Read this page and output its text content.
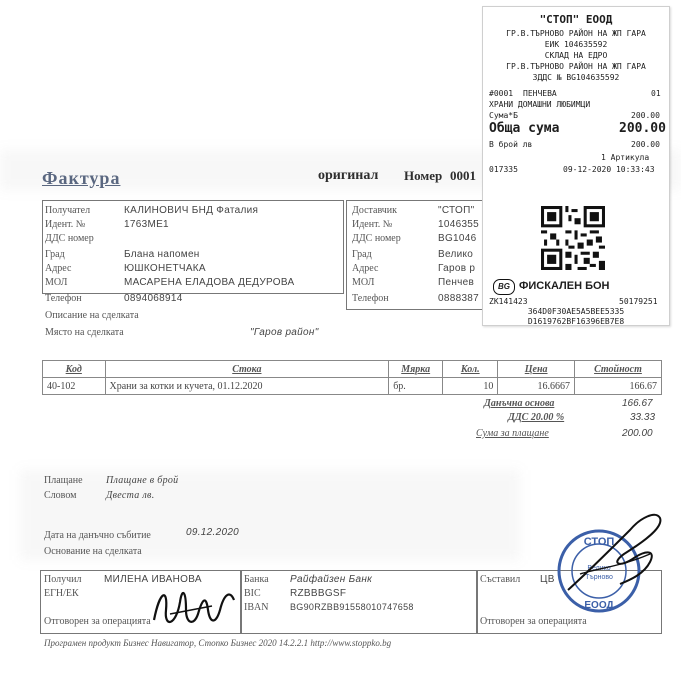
Фактура	оригинал Номер 0001
Получател	КАЛИНОВИЧ БНД Фаталия
Идент. №	1763МЕ1
ДДС номер
Град	Блана напомен
Адрес	ЮШКОНЕТЧАКА
МОЛ	МАСАРЕНА ЕЛАДОВА ДЕДУРОВА
Телефон	0894068914
Описание на сделката
Място на сделката	"Гаров район"
Доставчик	"СТОП"
Идент. №	1046355
ДДС номер	BG1046
Град	Велико
Адрес	Гаров р
МОЛ	Пенчев
Телефон	0888387
Код	Стока	Мярка	Кол.	Цена	Стойност
40-102	Храни за котки и кучета, 01.12.2020	бр.	10	16.6667	166.67
Данъчна основа	166.67
ДДС 20.00 %	33.33
Сума за плащане	200.00
Плащане Плащане в брой
Словом	Двеста лв.
Дата на данъчно събитие	09.12.2020
Основание на сделката
Получил МИЛЕНА ИВАНОВА
ЕГН/ЕК
Отговорен за операцията
Банка Райфайзен Банк
BIC	RZBBBGSF
IBAN BG90RZBB91558010747658
Съставил ЦВ
Отговорен за операцията
Програмен продукт Бизнес Навигатор, Стопко Бизнес 2020 14.2.2.1 http://www.stoppko.bg
СТОП
ЕООД
Велико
Търново
"СТОП" ЕООД
ГР.В.ТЪРНОВО РАЙОН НА ЖП ГАРА
ЕИК 104635592
СКЛАД НА ЕДРО
ГР.В.ТЪРНОВО РАЙОН НА ЖП ГАРА
ЗДДС № BG104635592
#0001 ПЕНЧЕВА	01
ХРАНИ ДОМАШНИ ЛЮБИМЦИ
Сума*Б	200.00
Обща сума	200.00
В брой лв	200.00
1 Артикула
017335	09-12-2020 10:33:43
BG ФИСКАЛЕН БОН
ZK141423	50179251
364D0F30AE5A5BEE5335
D1619762BF16396EB7E8
